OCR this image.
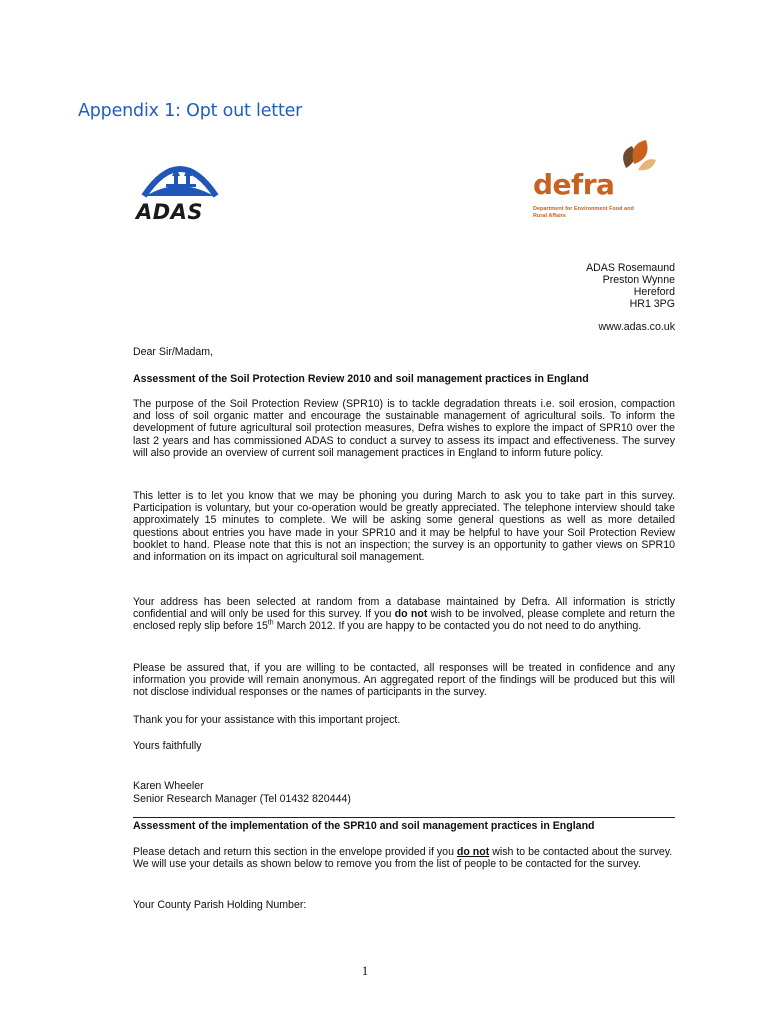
Appendix 1: Opt out letter
ADAS
defra
Department for Environment Food and Rural Affairs
ADAS Rosemaund
Preston Wynne
Hereford
HR1 3PG
www.adas.co.uk
Dear Sir/Madam,
Assessment of the Soil Protection Review 2010 and soil management practices in England
The purpose of the Soil Protection Review (SPR10) is to tackle degradation threats i.e. soil erosion, compaction and loss of soil organic matter and encourage the sustainable management of agricultural soils. To inform the development of future agricultural soil protection measures, Defra wishes to explore the impact of SPR10 over the last 2 years and has commissioned ADAS to conduct a survey to assess its impact and effectiveness. The survey will also provide an overview of current soil management practices in England to inform future policy.
This letter is to let you know that we may be phoning you during March to ask you to take part in this survey. Participation is voluntary, but your co-operation would be greatly appreciated. The telephone interview should take approximately 15 minutes to complete. We will be asking some general questions as well as more detailed questions about entries you have made in your SPR10 and it may be helpful to have your Soil Protection Review booklet to hand. Please note that this is not an inspection; the survey is an opportunity to gather views on SPR10 and information on its impact on agricultural soil management.
Your address has been selected at random from a database maintained by Defra. All information is strictly confidential and will only be used for this survey. If you do not wish to be involved, please complete and return the enclosed reply slip before 15th March 2012. If you are happy to be contacted you do not need to do anything.
Please be assured that, if you are willing to be contacted, all responses will be treated in confidence and any information you provide will remain anonymous. An aggregated report of the findings will be produced but this will not disclose individual responses or the names of participants in the survey.
Thank you for your assistance with this important project.
Yours faithfully
Karen Wheeler
Senior Research Manager (Tel 01432 820444)
Assessment of the implementation of the SPR10 and soil management practices in England
Please detach and return this section in the envelope provided if you do not wish to be contacted about the survey. We will use your details as shown below to remove you from the list of people to be contacted for the survey.
Your County Parish Holding Number:
1
